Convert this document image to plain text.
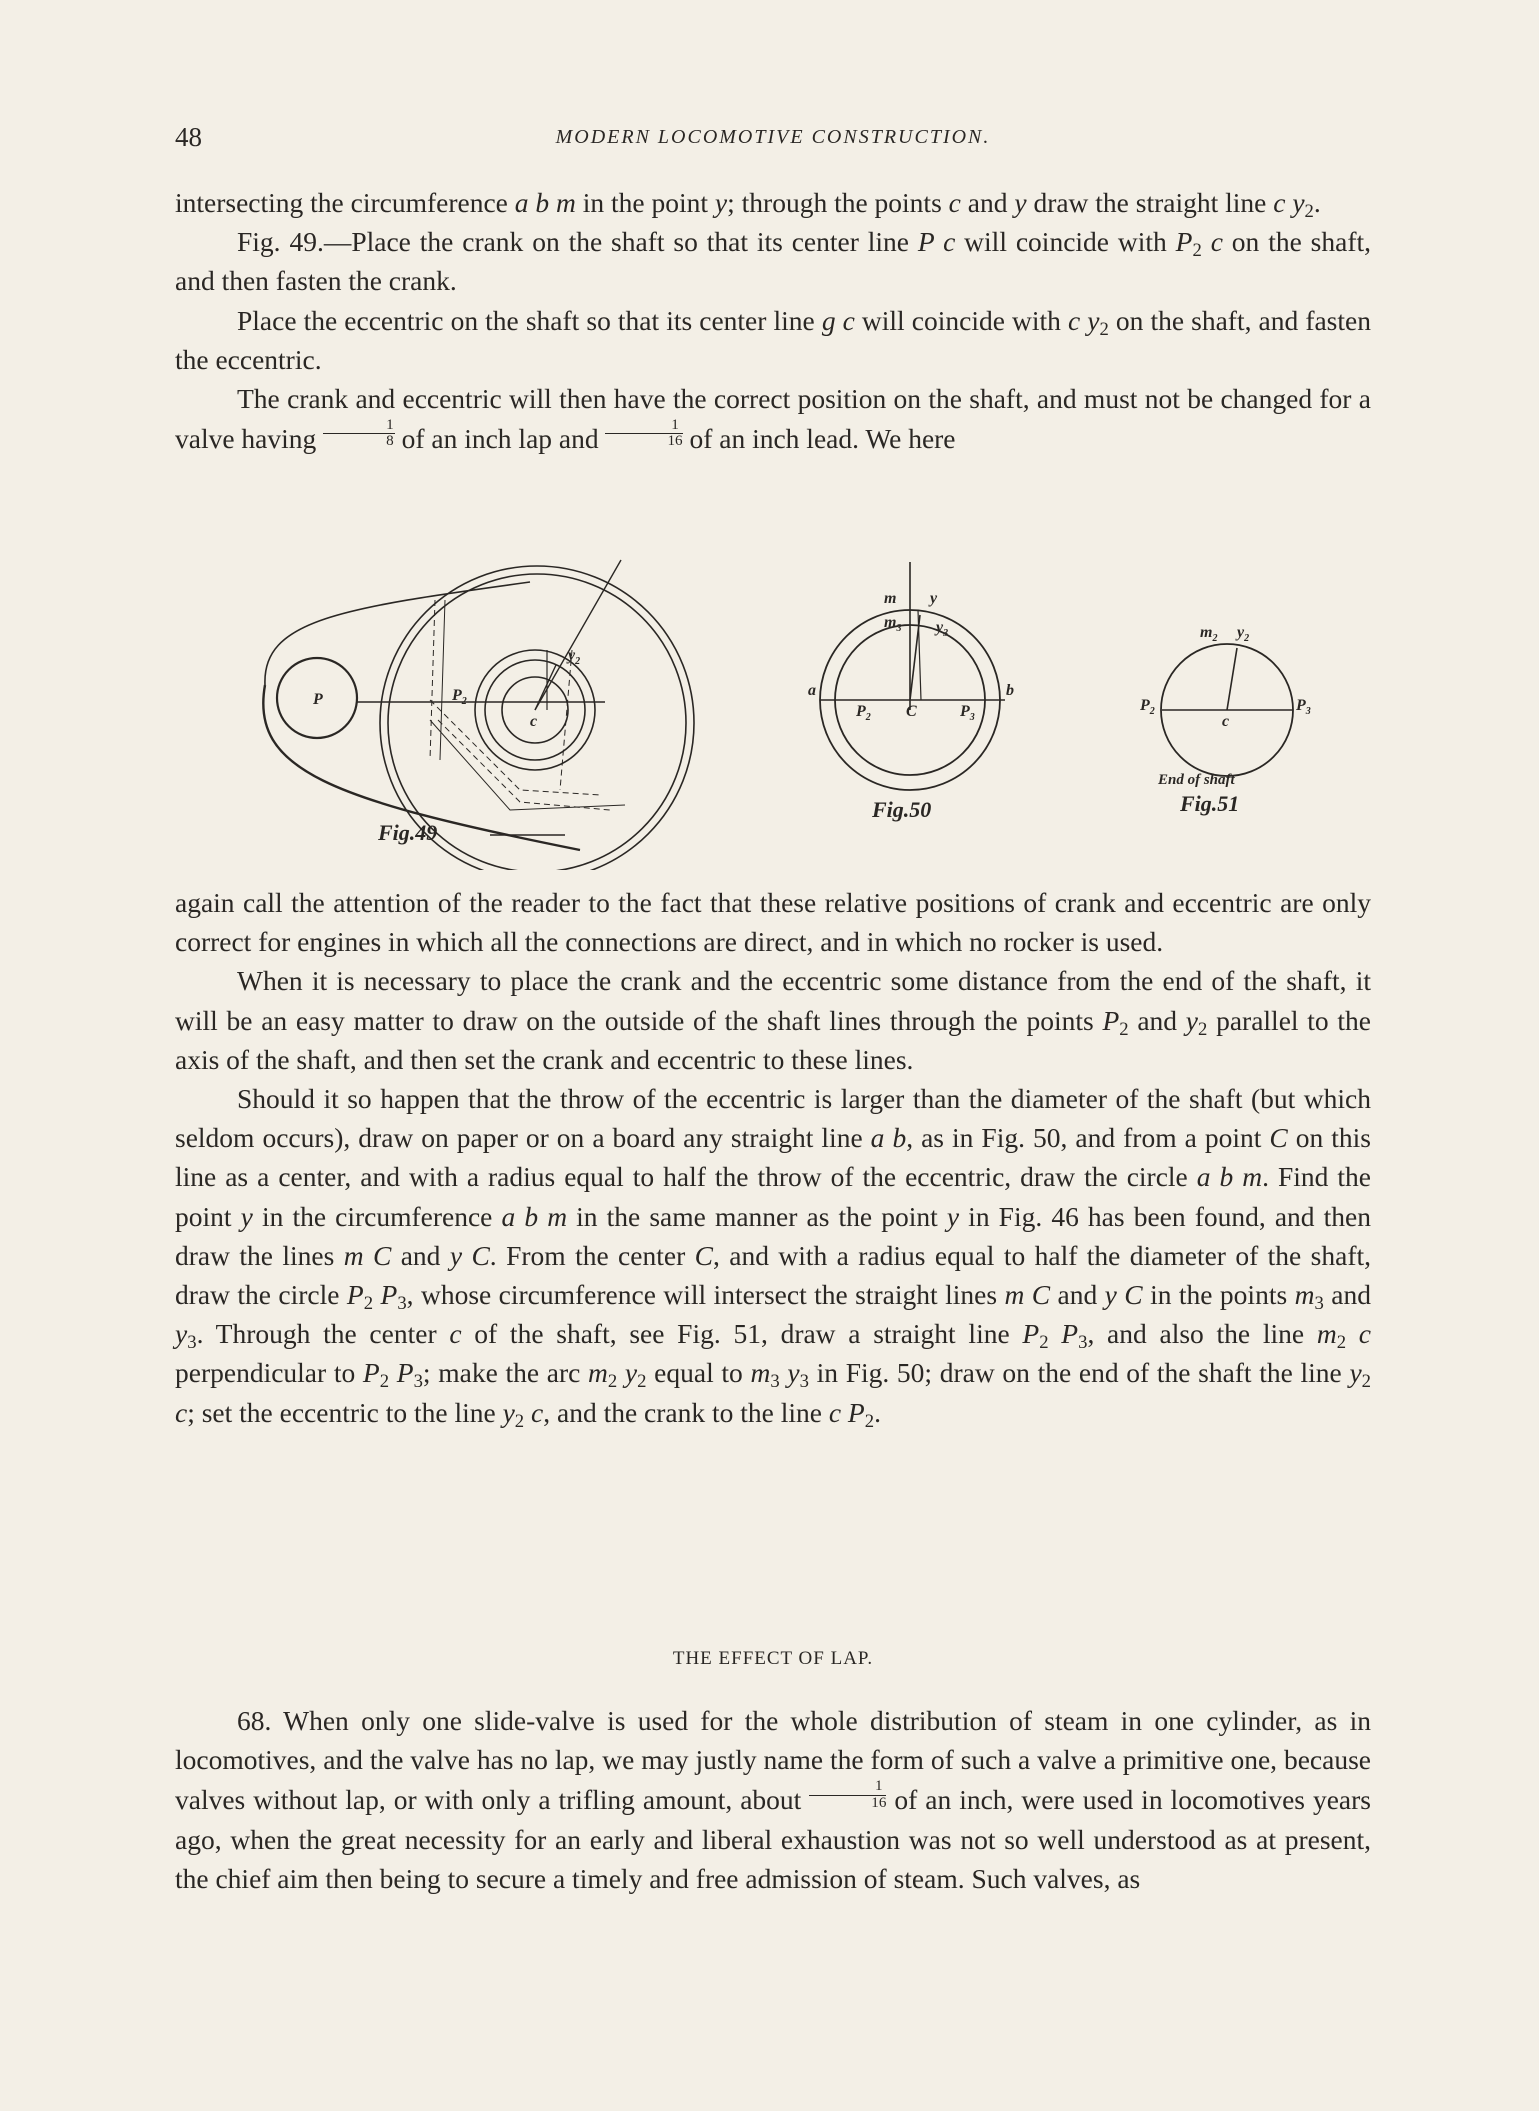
48	MODERN LOCOMOTIVE CONSTRUCTION.

intersecting the circumference a b m in the point y; through the points c and y draw the straight line c $y_2$.

Fig. 49.—Place the crank on the shaft so that its center line P c will coincide with $P_2$ c on the shaft, and then fasten the crank.

Place the eccentric on the shaft so that its center line g c will coincide with c $y_2$ on the shaft, and fasten the eccentric.

The crank and eccentric will then have the correct position on the shaft, and must not be changed for a valve having $\frac{1}{8}$ of an inch lap and $\frac{1}{16}$ of an inch lead. We here

P	$P_2$
$y_2$
c
Fig.49
m y
$m_3$ $y_3$
a	b
$P_2$ C	$P_3$
Fig.50
$m_2$ $y_2$
$P_2$
c
$P_3$
End of shaft
Fig.51

again call the attention of the reader to the fact that these relative positions of crank and eccentric are only correct for engines in which all the connections are direct, and in which no rocker is used.

When it is necessary to place the crank and the eccentric some distance from the end of the shaft, it will be an easy matter to draw on the outside of the shaft lines through the points $P_2$ and $y_2$ parallel to the axis of the shaft, and then set the crank and eccentric to these lines.

Should it so happen that the throw of the eccentric is larger than the diameter of the shaft (but which seldom occurs), draw on paper or on a board any straight line a b, as in Fig. 50, and from a point C on this line as a center, and with a radius equal to half the throw of the eccentric, draw the circle a b m. Find the point y in the circumference a b m in the same manner as the point y in Fig. 46 has been found, and then draw the lines m C and y C. From the center C, and with a radius equal to half the diameter of the shaft, draw the circle $P_2$ $P_3$, whose circumference will intersect the straight lines m C and y C in the points $m_3$ and $y_3$. Through the center c of the shaft, see Fig. 51, draw a straight line $P_2$ $P_3$, and also the line $m_2$ c perpendicular to $P_2$ $P_3$; make the arc $m_2$ $y_2$ equal to $m_3$ $y_3$ in Fig. 50; draw on the end of the shaft the line $y_2$ c; set the eccentric to the line $y_2$ c, and the crank to the line c $P_2$.

THE EFFECT OF LAP.

68. When only one slide-valve is used for the whole distribution of steam in one cylinder, as in locomotives, and the valve has no lap, we may justly name the form of such a valve a primitive one, because valves without lap, or with only a trifling amount, about $\frac{1}{16}$ of an inch, were used in locomotives years ago, when the great necessity for an early and liberal exhaustion was not so well understood as at present, the chief aim then being to secure a timely and free admission of steam. Such valves, as
